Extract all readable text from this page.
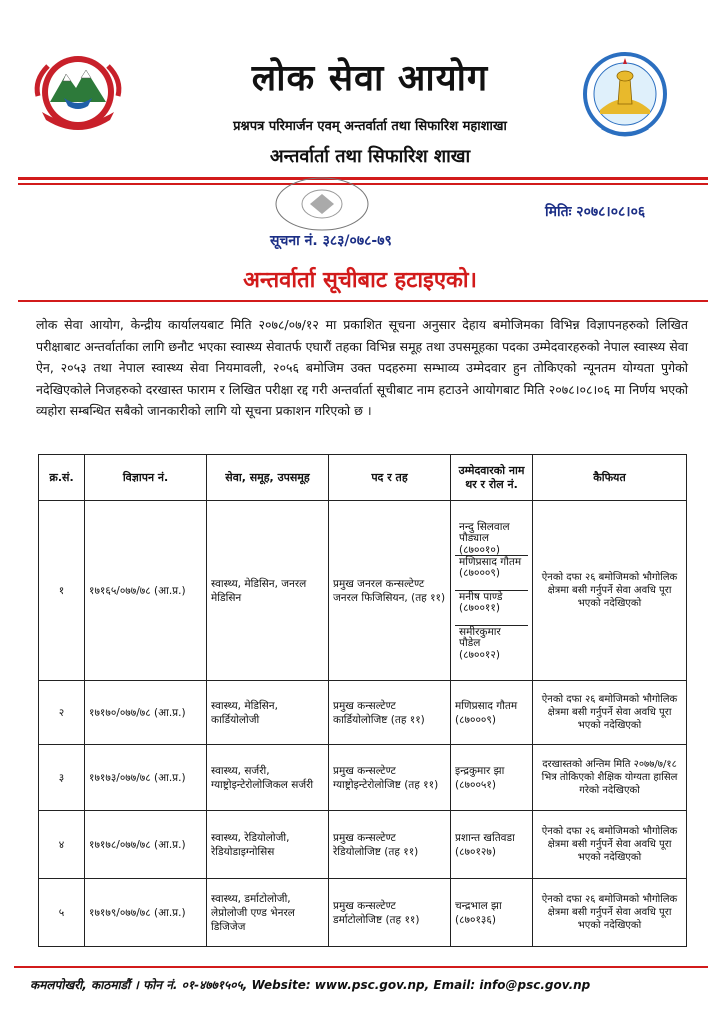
लोक सेवा आयोग
प्रश्नपत्र परिमार्जन एवम् अन्तर्वार्ता तथा सिफारिश महाशाखा
अन्तर्वार्ता तथा सिफारिश शाखा
मितिः २०७८।०८।०६
सूचना नं. ३८३/०७८-७९
अन्तर्वार्ता सूचीबाट हटाइएको।
लोक सेवा आयोग, केन्द्रीय कार्यालयबाट मिति २०७८/०७/१२ मा प्रकाशित सूचना अनुसार देहाय बमोजिमका विभिन्न विज्ञापनहरुको लिखित परीक्षाबाट अन्तर्वार्ताका लागि छनौट भएका स्वास्थ्य सेवातर्फ एघारौं तहका विभिन्न समूह तथा उपसमूहका पदका उम्मेदवारहरुको नेपाल स्वास्थ्य सेवा ऐन, २०५३ तथा नेपाल स्वास्थ्य सेवा नियमावली, २०५६ बमोजिम उक्त पदहरुमा सम्भाव्य उम्मेदवार हुन तोकिएको न्यूनतम योग्यता पुगेको नदेखिएकोले निजहरुको दरखास्त फाराम र लिखित परीक्षा रद्द गरी अन्तर्वार्ता सूचीबाट नाम हटाउने आयोगबाट मिति २०७८।०८।०६ मा निर्णय भएको व्यहोरा सम्बन्धित सबैको जानकारीको लागि यो सूचना प्रकाशन गरिएको छ ।
क्र.सं.	विज्ञापन नं.	सेवा, समूह, उपसमूह	पद र तह	उम्मेदवारको नाम थर र रोल नं.	कैफियत
१	१७१६५/०७७/७८ (आ.प्र.)	स्वास्थ्य, मेडिसिन, जनरल मेडिसिन	प्रमुख जनरल कन्सल्टेण्ट जनरल फिजिसियन, (तह ११)	नन्दु सिलवाल पौड्याल (८७००१०)
मणिप्रसाद गौतम (८७०००९)
मनीष पाण्डे (८७००११)
समीरकुमार पौडेल (८७००१२)	ऐनको दफा २६ बमोजिमको भौगोलिक क्षेत्रमा बसी गर्नुपर्ने सेवा अवधि पूरा भएको नदेखिएको
२	१७१७०/०७७/७८ (आ.प्र.)	स्वास्थ्य, मेडिसिन, कार्डियोलोजी	प्रमुख कन्सल्टेण्ट कार्डियोलोजिष्ट (तह ११)	मणिप्रसाद गौतम (८७०००९)	ऐनको दफा २६ बमोजिमको भौगोलिक क्षेत्रमा बसी गर्नुपर्ने सेवा अवधि पूरा भएको नदेखिएको
३	१७१७३/०७७/७८ (आ.प्र.)	स्वास्थ्य, सर्जरी, ग्याष्ट्रोइन्टेरोलोजिकल सर्जरी	प्रमुख कन्सल्टेण्ट ग्याष्ट्रोइन्टेरोलोजिष्ट (तह ११)	इन्द्रकुमार झा (८७००५१)	दरखास्तको अन्तिम मिति २०७७/७/१८ भित्र तोकिएको शैक्षिक योग्यता हासिल गरेको नदेखिएको
४	१७१७८/०७७/७८ (आ.प्र.)	स्वास्थ्य, रेडियोलोजी, रेडियोडाइग्नोसिस	प्रमुख कन्सल्टेण्ट रेडियोलोजिष्ट (तह ११)	प्रशान्त खतिवडा (८७०१२७)	ऐनको दफा २६ बमोजिमको भौगोलिक क्षेत्रमा बसी गर्नुपर्ने सेवा अवधि पूरा भएको नदेखिएको
५	१७१७९/०७७/७८ (आ.प्र.)	स्वास्थ्य, डर्माटोलोजी, लेप्रोलोजी एण्ड भेनरल डिजिजेज	प्रमुख कन्सल्टेण्ट डर्माटोलोजिष्ट (तह ११)	चन्द्रभाल झा (८७०१३६)	ऐनको दफा २६ बमोजिमको भौगोलिक क्षेत्रमा बसी गर्नुपर्ने सेवा अवधि पूरा भएको नदेखिएको
कमलपोखरी, काठमाडौं । फोन नं. ०१-४७७१५०५, Website: www.psc.gov.np, Email: info@psc.gov.np
